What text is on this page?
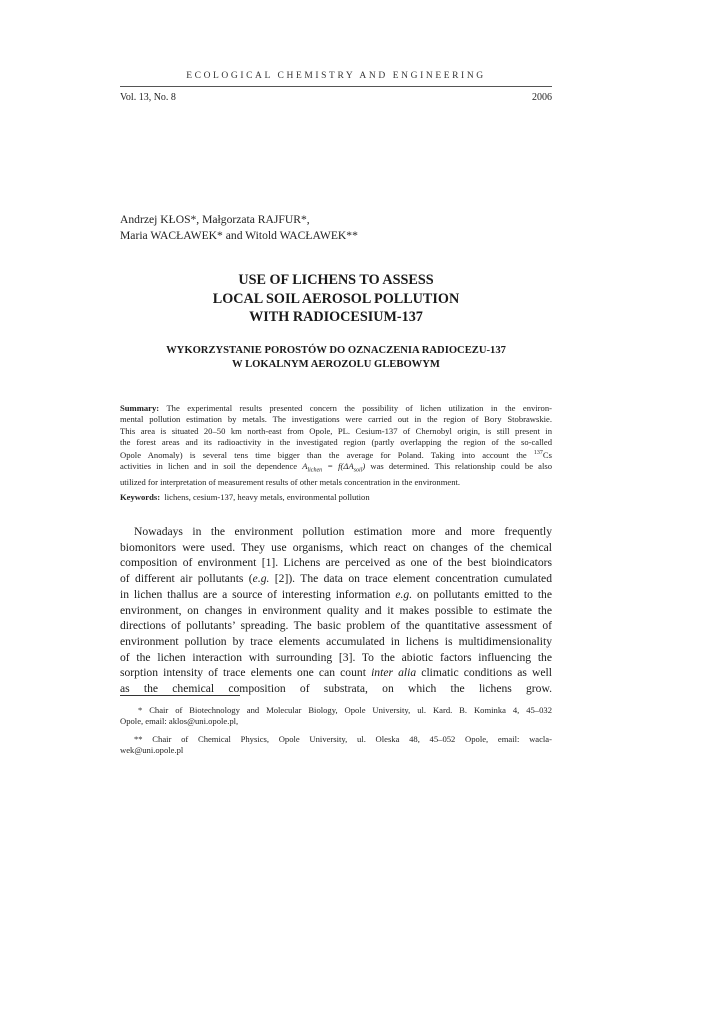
ECOLOGICAL CHEMISTRY AND ENGINEERING
Vol. 13, No. 8	2006
Andrzej KŁOS*, Małgorzata RAJFUR*,
Maria WACŁAWEK* and Witold WACŁAWEK**
USE OF LICHENS TO ASSESS
LOCAL SOIL AEROSOL POLLUTION
WITH RADIOCESIUM-137
WYKORZYSTANIE POROSTÓW DO OZNACZENIA RADIOCEZU-137
W LOKALNYM AEROZOLU GLEBOWYM
Summary: The experimental results presented concern the possibility of lichen utilization in the environ-
mental pollution estimation by metals. The investigations were carried out in the region of Bory Stobrawskie.
This area is situated 20–50 km north-east from Opole, PL. Cesium-137 of Chernobyl origin, is still present in
the forest areas and its radioactivity in the investigated region (partly overlapping the region of the so-called
Opole Anomaly) is several tens time bigger than the average for Poland. Taking into account the $^{137}$Cs
activities in lichen and in soil the dependence $A_{lichen} = f(\Delta A_{soil})$ was determined. This relationship could be also
utilized for interpretation of measurement results of other metals concentration in the environment.
Keywords: lichens, cesium-137, heavy metals, environmental pollution
Nowadays in the environment pollution estimation more and more frequently
biomonitors were used. They use organisms, which react on changes of the chemical
composition of environment [1]. Lichens are perceived as one of the best bioindicators
of different air pollutants (e.g. [2]). The data on trace element concentration cumulated
in lichen thallus are a source of interesting information e.g. on pollutants emitted to the
environment, on changes in environment quality and it makes possible to estimate the
directions of pollutants’ spreading. The basic problem of the quantitative assessment of
environment pollution by trace elements accumulated in lichens is multidimensionality
of the lichen interaction with surrounding [3]. To the abiotic factors influencing the
sorption intensity of trace elements one can count inter alia climatic conditions as well
as the chemical composition of substrata, on which the lichens grow.
* Chair of Biotechnology and Molecular Biology, Opole University, ul. Kard. B. Kominka 4, 45–032
Opole, email: aklos@uni.opole.pl,
** Chair of Chemical Physics, Opole University, ul. Oleska 48, 45–052 Opole, email: wacla-
wek@uni.opole.pl
